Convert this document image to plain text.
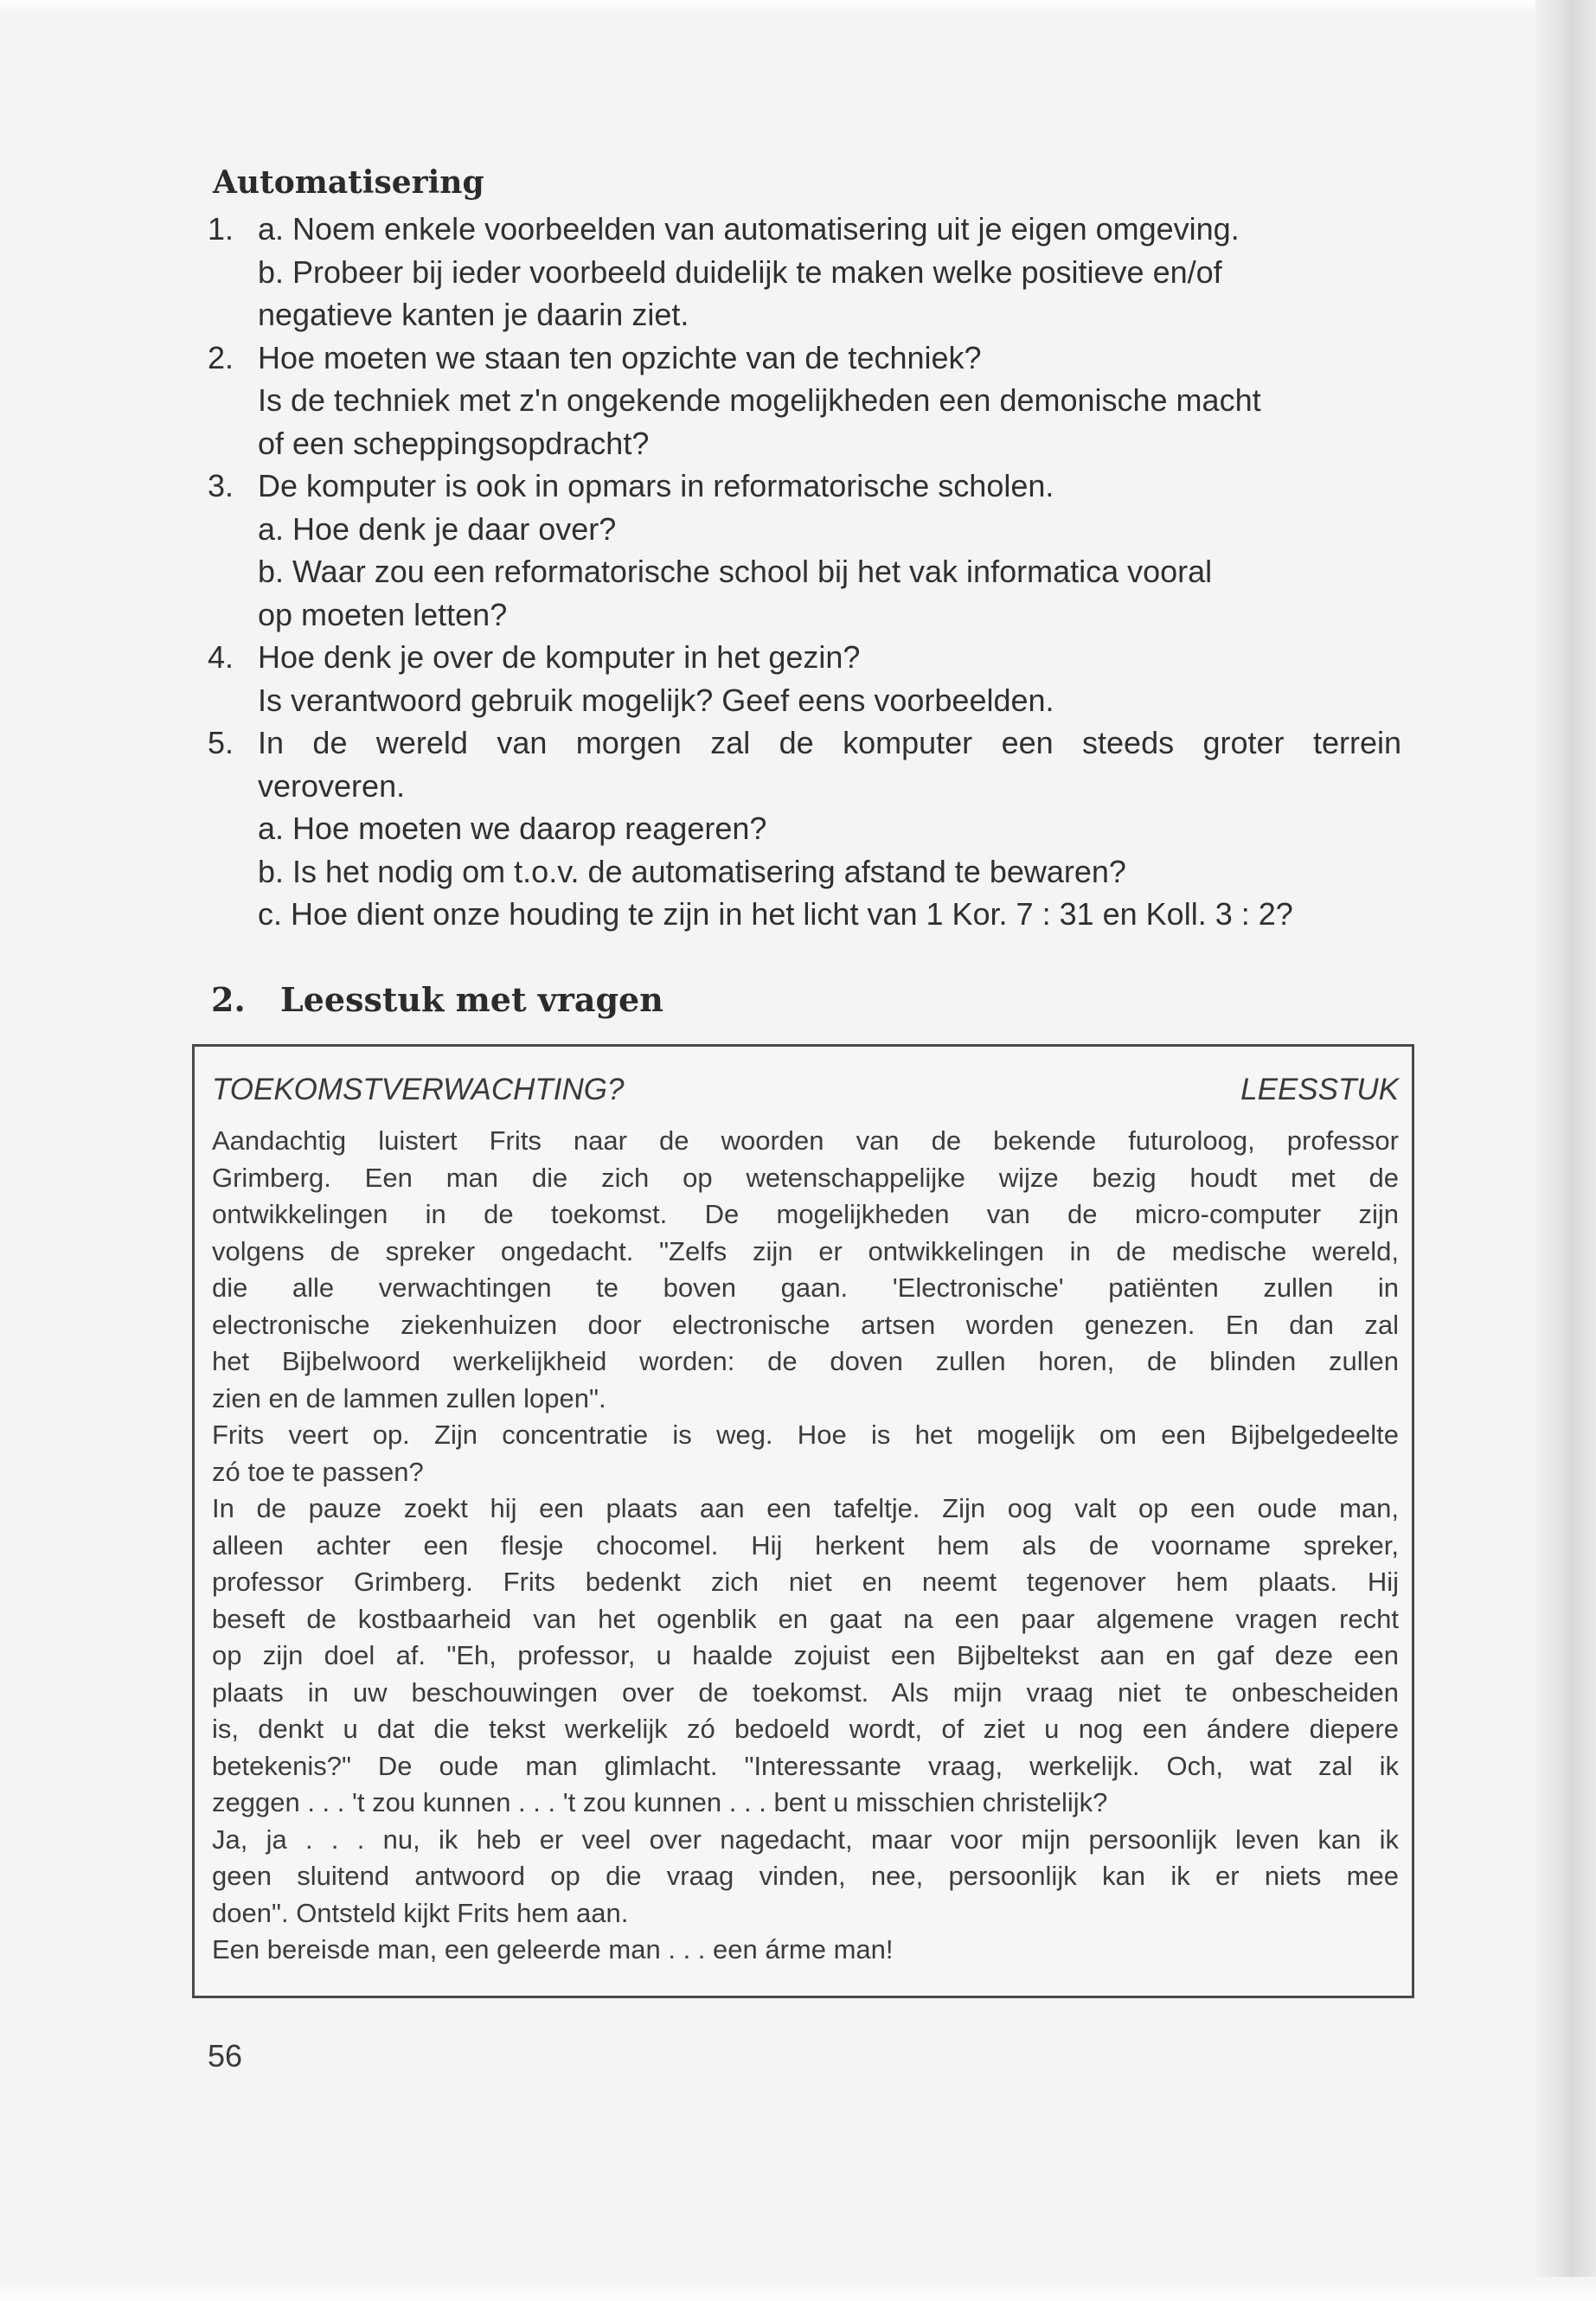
Automatisering
1. a. Noem enkele voorbeelden van automatisering uit je eigen omgeving.
b. Probeer bij ieder voorbeeld duidelijk te maken welke positieve en/of
negatieve kanten je daarin ziet.
2. Hoe moeten we staan ten opzichte van de techniek?
Is de techniek met z'n ongekende mogelijkheden een demonische macht
of een scheppingsopdracht?
3. De komputer is ook in opmars in reformatorische scholen.
a. Hoe denk je daar over?
b. Waar zou een reformatorische school bij het vak informatica vooral
op moeten letten?
4. Hoe denk je over de komputer in het gezin?
Is verantwoord gebruik mogelijk? Geef eens voorbeelden.
5. In de wereld van morgen zal de komputer een steeds groter terrein
veroveren.
a. Hoe moeten we daarop reageren?
b. Is het nodig om t.o.v. de automatisering afstand te bewaren?
c. Hoe dient onze houding te zijn in het licht van 1 Kor. 7 : 31 en Koll. 3 : 2?
2.	Leesstuk met vragen
TOEKOMSTVERWACHTING?	LEESSTUK
Aandachtig luistert Frits naar de woorden van de bekende futuroloog, professor
Grimberg. Een man die zich op wetenschappelijke wijze bezig houdt met de
ontwikkelingen in de toekomst. De mogelijkheden van de micro-computer zijn
volgens de spreker ongedacht. "Zelfs zijn er ontwikkelingen in de medische wereld,
die alle verwachtingen te boven gaan. 'Electronische' patiënten zullen in
electronische ziekenhuizen door electronische artsen worden genezen. En dan zal
het Bijbelwoord werkelijkheid worden: de doven zullen horen, de blinden zullen
zien en de lammen zullen lopen".
Frits veert op. Zijn concentratie is weg. Hoe is het mogelijk om een Bijbelgedeelte
zó toe te passen?
In de pauze zoekt hij een plaats aan een tafeltje. Zijn oog valt op een oude man,
alleen achter een flesje chocomel. Hij herkent hem als de voorname spreker,
professor Grimberg. Frits bedenkt zich niet en neemt tegenover hem plaats. Hij
beseft de kostbaarheid van het ogenblik en gaat na een paar algemene vragen recht
op zijn doel af. "Eh, professor, u haalde zojuist een Bijbeltekst aan en gaf deze een
plaats in uw beschouwingen over de toekomst. Als mijn vraag niet te onbescheiden
is, denkt u dat die tekst werkelijk zó bedoeld wordt, of ziet u nog een ándere diepere
betekenis?" De oude man glimlacht. "Interessante vraag, werkelijk. Och, wat zal ik
zeggen . . . 't zou kunnen . . . 't zou kunnen . . . bent u misschien christelijk?
Ja, ja . . . nu, ik heb er veel over nagedacht, maar voor mijn persoonlijk leven kan ik
geen sluitend antwoord op die vraag vinden, nee, persoonlijk kan ik er niets mee
doen". Ontsteld kijkt Frits hem aan.
Een bereisde man, een geleerde man . . . een árme man!
56
